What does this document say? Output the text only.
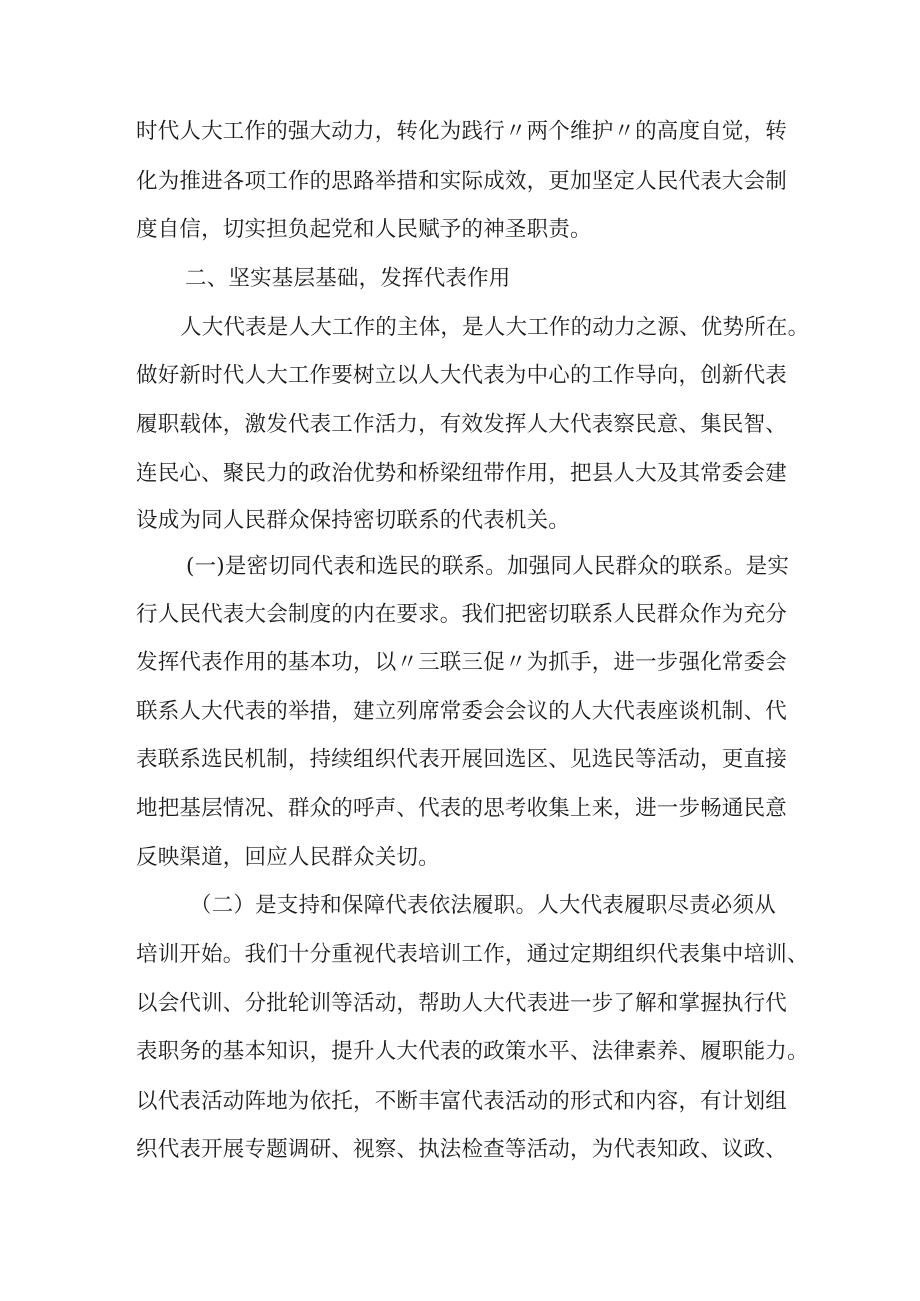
时代人大工作的强大动力，转化为践行〃两个维护〃的高度自觉，转

化为推进各项工作的思路举措和实际成效，更加坚定人民代表大会制

度自信，切实担负起党和人民赋予的神圣职责。

二、坚实基层基础，发挥代表作用

人大代表是人大工作的主体，是人大工作的动力之源、优势所在。

做好新时代人大工作要树立以人大代表为中心的工作导向，创新代表

履职载体，激发代表工作活力，有效发挥人大代表察民意、集民智、

连民心、聚民力的政治优势和桥梁纽带作用，把县人大及其常委会建

设成为同人民群众保持密切联系的代表机关。

(一)是密切同代表和选民的联系。加强同人民群众的联系。是实

行人民代表大会制度的内在要求。我们把密切联系人民群众作为充分

发挥代表作用的基本功，以〃三联三促〃为抓手，进一步强化常委会

联系人大代表的举措，建立列席常委会会议的人大代表座谈机制、代

表联系选民机制，持续组织代表开展回选区、见选民等活动，更直接

地把基层情况、群众的呼声、代表的思考收集上来，进一步畅通民意

反映渠道，回应人民群众关切。

（二）是支持和保障代表依法履职。人大代表履职尽责必须从

培训开始。我们十分重视代表培训工作，通过定期组织代表集中培训、

以会代训、分批轮训等活动，帮助人大代表进一步了解和掌握执行代

表职务的基本知识，提升人大代表的政策水平、法律素养、履职能力。

以代表活动阵地为依托，不断丰富代表活动的形式和内容，有计划组

织代表开展专题调研、视察、执法检查等活动，为代表知政、议政、
